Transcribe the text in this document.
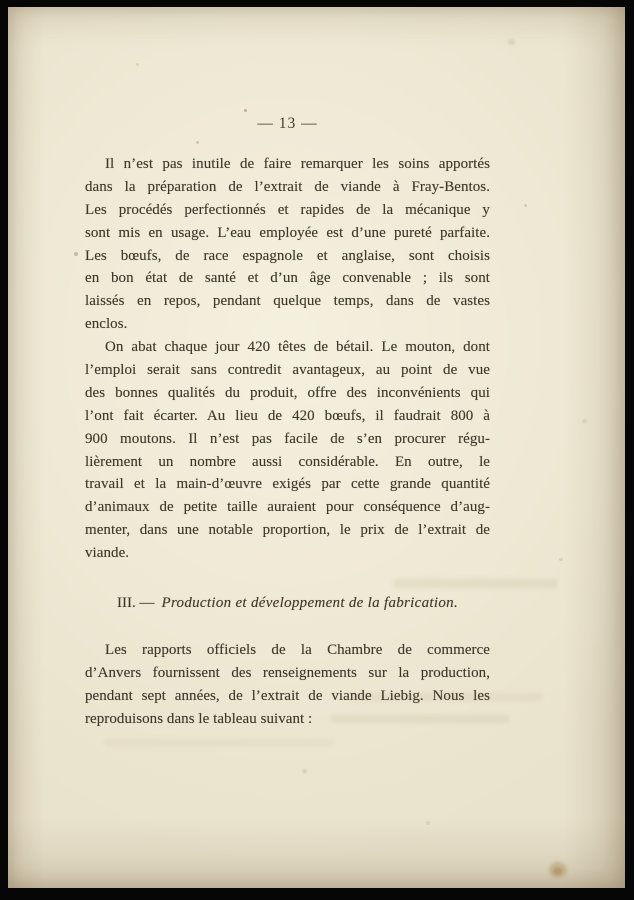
— 13 —
Il n’est pas inutile de faire remarquer les soins apportés
dans la préparation de l’extrait de viande à Fray-Bentos.
Les procédés perfectionnés et rapides de la mécanique y
sont mis en usage. L’eau employée est d’une pureté parfaite.
Les bœufs, de race espagnole et anglaise, sont choisis
en bon état de santé et d’un âge convenable ; ils sont
laissés en repos, pendant quelque temps, dans de vastes
enclos.
On abat chaque jour 420 têtes de bétail. Le mouton, dont
l’emploi serait sans contredit avantageux, au point de vue
des bonnes qualités du produit, offre des inconvénients qui
l’ont fait écarter. Au lieu de 420 bœufs, il faudrait 800 à
900 moutons. Il n’est pas facile de s’en procurer régu-
lièrement un nombre aussi considérable. En outre, le
travail et la main-d’œuvre exigés par cette grande quantité
d’animaux de petite taille auraient pour conséquence d’aug-
menter, dans une notable proportion, le prix de l’extrait de
viande.
III. — Production et développement de la fabrication.
Les rapports officiels de la Chambre de commerce
d’Anvers fournissent des renseignements sur la production,
pendant sept années, de l’extrait de viande Liebig. Nous les
reproduisons dans le tableau suivant :
